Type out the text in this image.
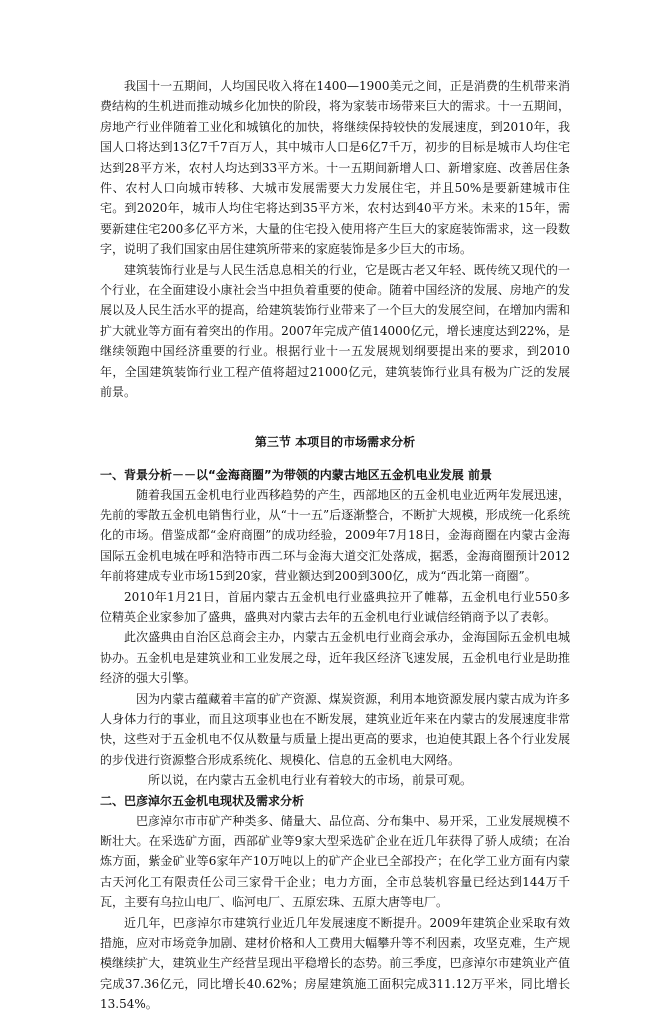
我国十一五期间，人均国民收入将在1400—1900美元之间，正是消费的生机带来消费结构的生机进而推动城乡化加快的阶段，将为家装市场带来巨大的需求。十一五期间，房地产行业伴随着工业化和城镇化的加快，将继续保持较快的发展速度，到2010年，我国人口将达到13亿7千7百万人，其中城市人口是6亿7千万，初步的目标是城市人均住宅达到28平方米，农村人均达到33平方米。十一五期间新增人口、新增家庭、改善居住条件、农村人口向城市转移、大城市发展需要大力发展住宅，并且50%是要新建城市住宅。到2020年，城市人均住宅将达到35平方米，农村达到40平方米。未来的15年，需要新建住宅200多亿平方米，大量的住宅投入使用将产生巨大的家庭装饰需求，这一段数字，说明了我们国家由居住建筑所带来的家庭装饰是多少巨大的市场。

建筑装饰行业是与人民生活息息相关的行业，它是既古老又年轻、既传统又现代的一个行业，在全面建设小康社会当中担负着重要的使命。随着中国经济的发展、房地产的发展以及人民生活水平的提高，给建筑装饰行业带来了一个巨大的发展空间，在增加内需和扩大就业等方面有着突出的作用。2007年完成产值14000亿元，增长速度达到22%，是继续领跑中国经济重要的行业。根据行业十一五发展规划纲要提出来的要求，到2010年，全国建筑装饰行业工程产值将超过21000亿元，建筑装饰行业具有极为广泛的发展前景。

第三节 本项目的市场需求分析
一、背景分析－－以“金海商圈”为带领的内蒙古地区五金机电业发展 前景

随着我国五金机电行业西移趋势的产生，西部地区的五金机电业近两年发展迅速，先前的零散五金机电销售行业，从“十一五”后逐渐整合，不断扩大规模，形成统一化系统化的市场。借鉴成都“金府商圈”的成功经验，2009年7月18日，金海商圈在内蒙古金海国际五金机电城在呼和浩特市西二环与金海大道交汇处落成，据悉，金海商圈预计2012年前将建成专业市场15到20家，营业额达到200到300亿，成为“西北第一商圈”。

2010年1月21日，首届内蒙古五金机电行业盛典拉开了帷幕，五金机电行业550多位精英企业家参加了盛典，盛典对内蒙古去年的五金机电行业诚信经销商予以了表彰。

此次盛典由自治区总商会主办，内蒙古五金机电行业商会承办，金海国际五金机电城协办。五金机电是建筑业和工业发展之母，近年我区经济飞速发展，五金机电行业是助推经济的强大引擎。

因为内蒙古蕴藏着丰富的矿产资源、煤炭资源，利用本地资源发展内蒙古成为许多人身体力行的事业，而且这项事业也在不断发展，建筑业近年来在内蒙古的发展速度非常快，这些对于五金机电不仅从数量与质量上提出更高的要求，也迫使其跟上各个行业发展的步伐进行资源整合形成系统化、规模化、信息的五金机电大网络。

所以说，在内蒙古五金机电行业有着较大的市场，前景可观。

二、巴彦淖尔五金机电现状及需求分析

巴彦淖尔市市矿产种类多、储量大、品位高、分布集中、易开采，工业发展规模不断壮大。在采选矿方面，西部矿业等9家大型采选矿企业在近几年获得了骄人成绩；在冶炼方面，紫金矿业等6家年产10万吨以上的矿产企业已全部投产；在化学工业方面有内蒙古天河化工有限责任公司三家骨干企业；电力方面，全市总装机容量已经达到144万千瓦，主要有乌拉山电厂、临河电厂、五原宏珠、五原大唐等电厂。

近几年，巴彦淖尔市建筑行业近几年发展速度不断提升。2009年建筑企业采取有效措施，应对市场竞争加剧、建材价格和人工费用大幅攀升等不利因素，攻坚克难，生产规模继续扩大，建筑业生产经营呈现出平稳增长的态势。前三季度，巴彦淖尔市建筑业产值完成37.36亿元，同比增长40.62%；房屋建筑施工面积完成311.12万平米，同比增长13.54%。
